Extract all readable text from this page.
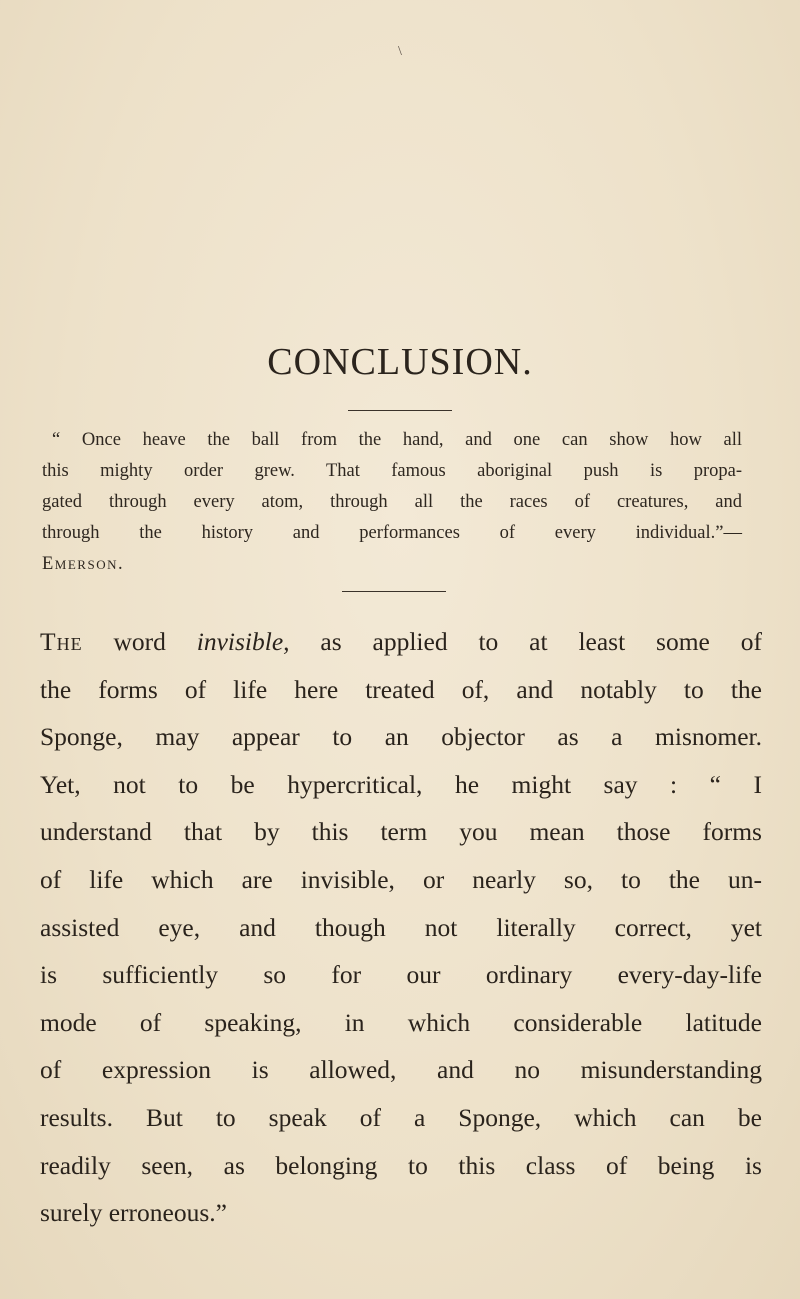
\
CONCLUSION.
“ Once heave the ball from the hand, and one can show how all
this mighty order grew. That famous aboriginal push is propa-
gated through every atom, through all the races of creatures, and
through the history and performances of every individual.”—
Emerson.
The word invisible, as applied to at least some of
the forms of life here treated of, and notably to the
Sponge, may appear to an objector as a misnomer.
Yet, not to be hypercritical, he might say : “ I
understand that by this term you mean those forms
of life which are invisible, or nearly so, to the un-
assisted eye, and though not literally correct, yet
is sufficiently so for our ordinary every-day-life
mode of speaking, in which considerable latitude
of expression is allowed, and no misunderstanding
results. But to speak of a Sponge, which can be
readily seen, as belonging to this class of being is
surely erroneous.”
